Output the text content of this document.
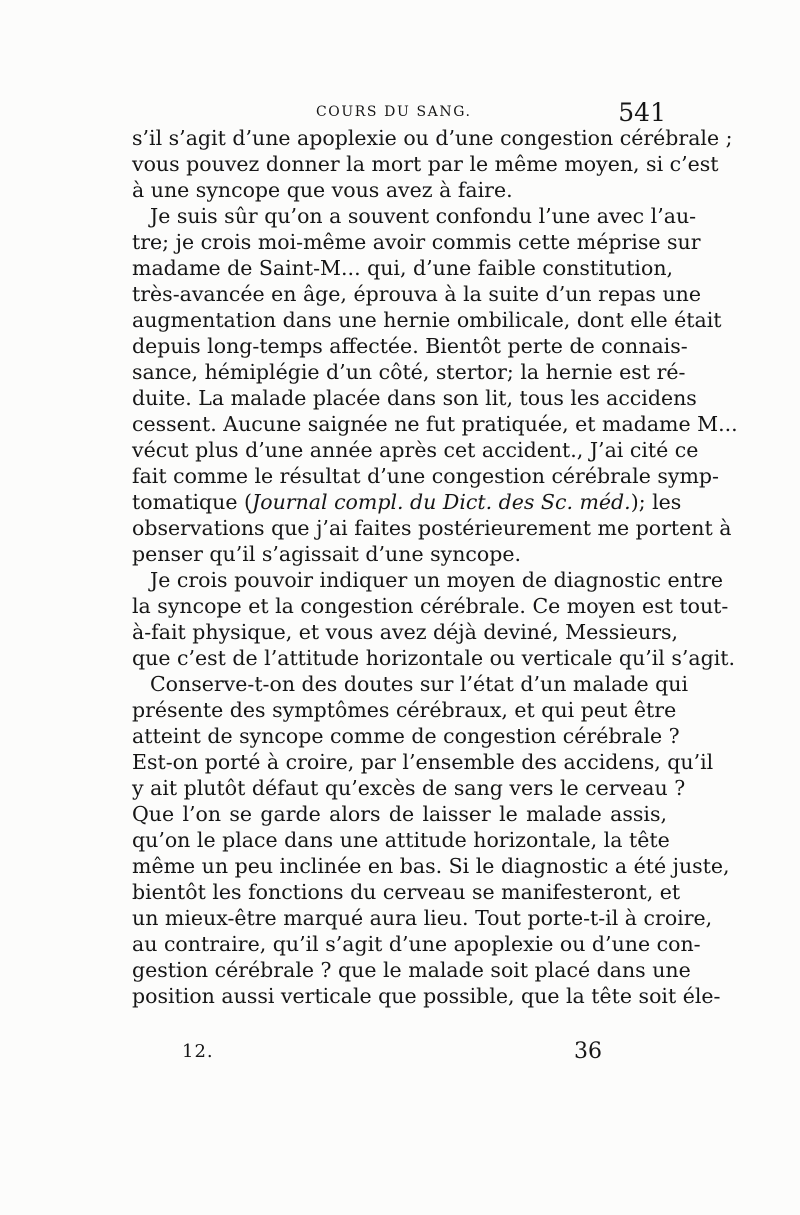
COURS DU SANG.	541
s’il s’agit d’une apoplexie ou d’une congestion cérébrale ;
vous pouvez donner la mort par le même moyen, si c’est
à une syncope que vous avez à faire.
Je suis sûr qu’on a souvent confondu l’une avec l’au-
tre; je crois moi-même avoir commis cette méprise sur
madame de Saint-M... qui, d’une faible constitution,
très-avancée en âge, éprouva à la suite d’un repas une
augmentation dans une hernie ombilicale, dont elle était
depuis long-temps affectée. Bientôt perte de connais-
sance, hémiplégie d’un côté, stertor; la hernie est ré-
duite. La malade placée dans son lit, tous les accidens
cessent. Aucune saignée ne fut pratiquée, et madame M...
vécut plus d’une année après cet accident., J’ai cité ce
fait comme le résultat d’une congestion cérébrale symp-
tomatique (Journal compl. du Dict. des Sc. méd.); les
observations que j’ai faites postérieurement me portent à
penser qu’il s’agissait d’une syncope.
Je crois pouvoir indiquer un moyen de diagnostic entre
la syncope et la congestion cérébrale. Ce moyen est tout-
à-fait physique, et vous avez déjà deviné, Messieurs,
que c’est de l’attitude horizontale ou verticale qu’il s’agit.
Conserve-t-on des doutes sur l’état d’un malade qui
présente des symptômes cérébraux, et qui peut être
atteint de syncope comme de congestion cérébrale ?
Est-on porté à croire, par l’ensemble des accidens, qu’il
y ait plutôt défaut qu’excès de sang vers le cerveau ?
Que l’on se garde alors de laisser le malade assis,
qu’on le place dans une attitude horizontale, la tête
même un peu inclinée en bas. Si le diagnostic a été juste,
bientôt les fonctions du cerveau se manifesteront, et
un mieux-être marqué aura lieu. Tout porte-t-il à croire,
au contraire, qu’il s’agit d’une apoplexie ou d’une con-
gestion cérébrale ? que le malade soit placé dans une
position aussi verticale que possible, que la tête soit éle-
12.	36
